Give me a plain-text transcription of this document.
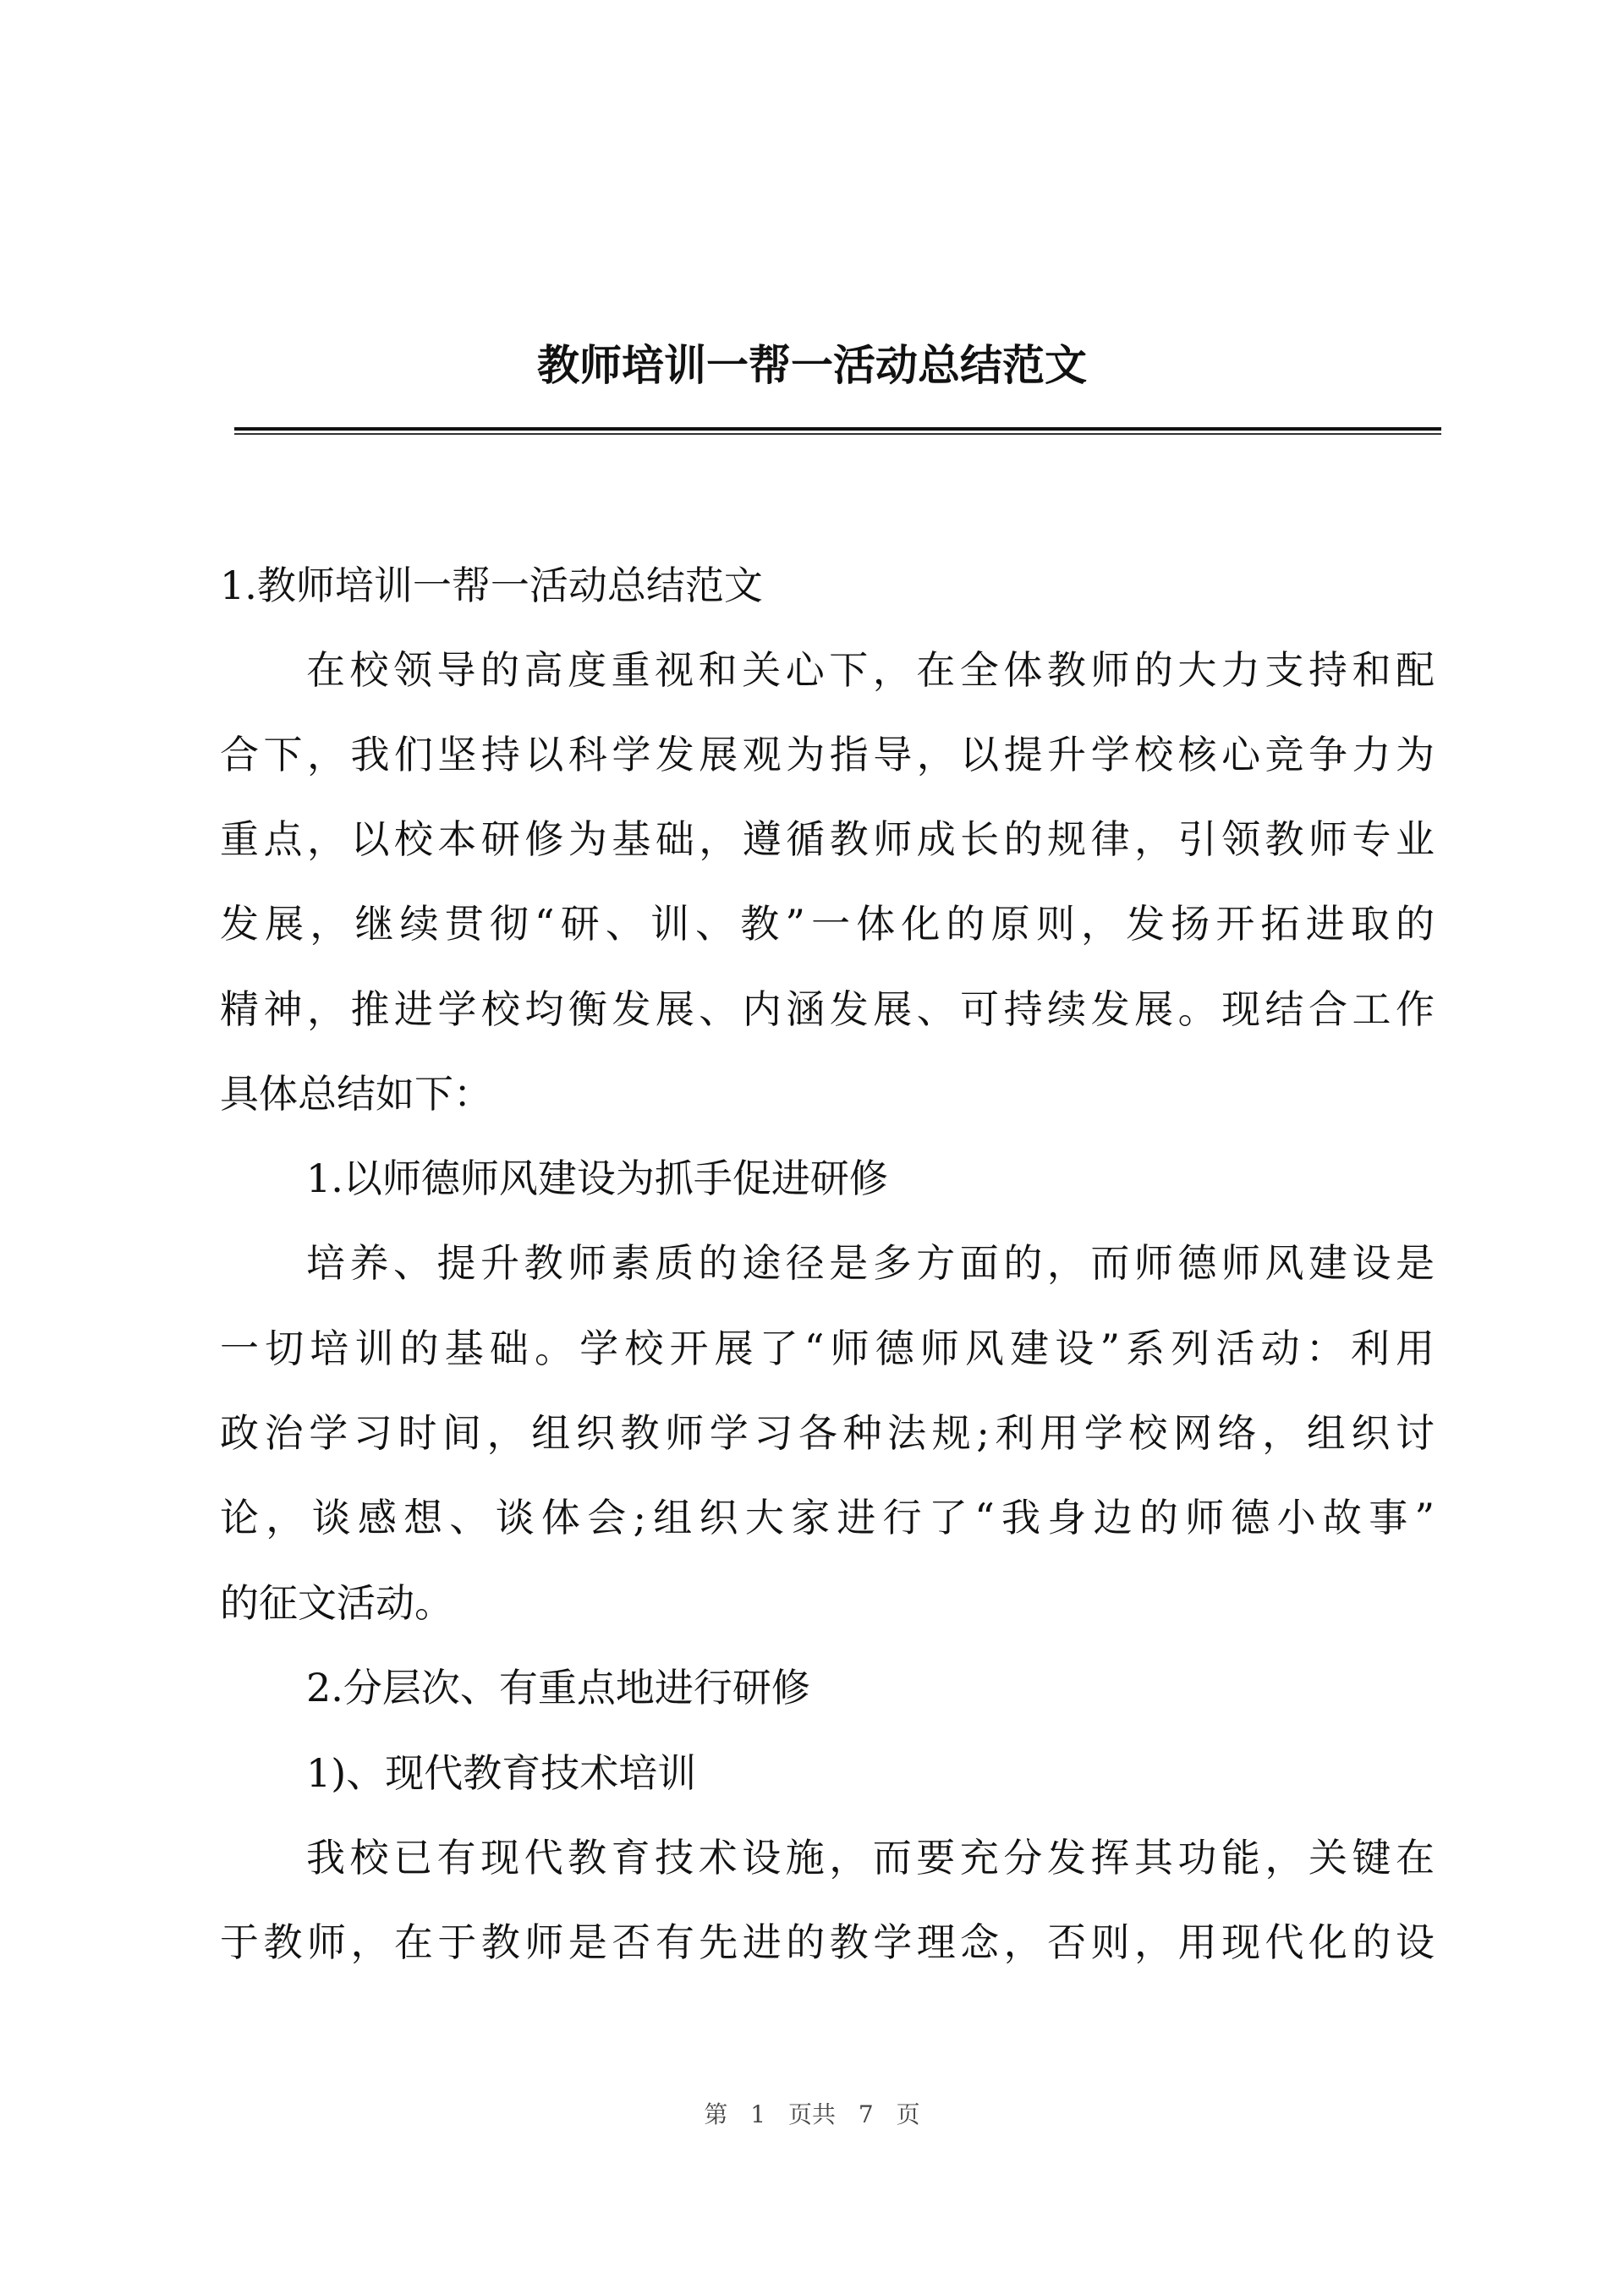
教师培训一帮一活动总结范文
1.教师培训一帮一活动总结范文
在校领导的高度重视和关心下，在全体教师的大力支持和配
合下，我们坚持以科学发展观为指导，以提升学校核心竞争力为
重点，以校本研修为基础，遵循教师成长的规律，引领教师专业
发展，继续贯彻“研、训、教”一体化的原则，发扬开拓进取的
精神，推进学校均衡发展、内涵发展、可持续发展。现结合工作
具体总结如下：
1.以师德师风建设为抓手促进研修
培养、提升教师素质的途径是多方面的，而师德师风建设是
一切培训的基础。学校开展了“师德师风建设”系列活动：利用
政治学习时间，组织教师学习各种法规;利用学校网络，组织讨
论，谈感想、谈体会;组织大家进行了“我身边的师德小故事”
的征文活动。
2.分层次、有重点地进行研修
1)、现代教育技术培训
我校已有现代教育技术设施，而要充分发挥其功能，关键在
于教师，在于教师是否有先进的教学理念，否则，用现代化的设
第 1 页共 7 页
